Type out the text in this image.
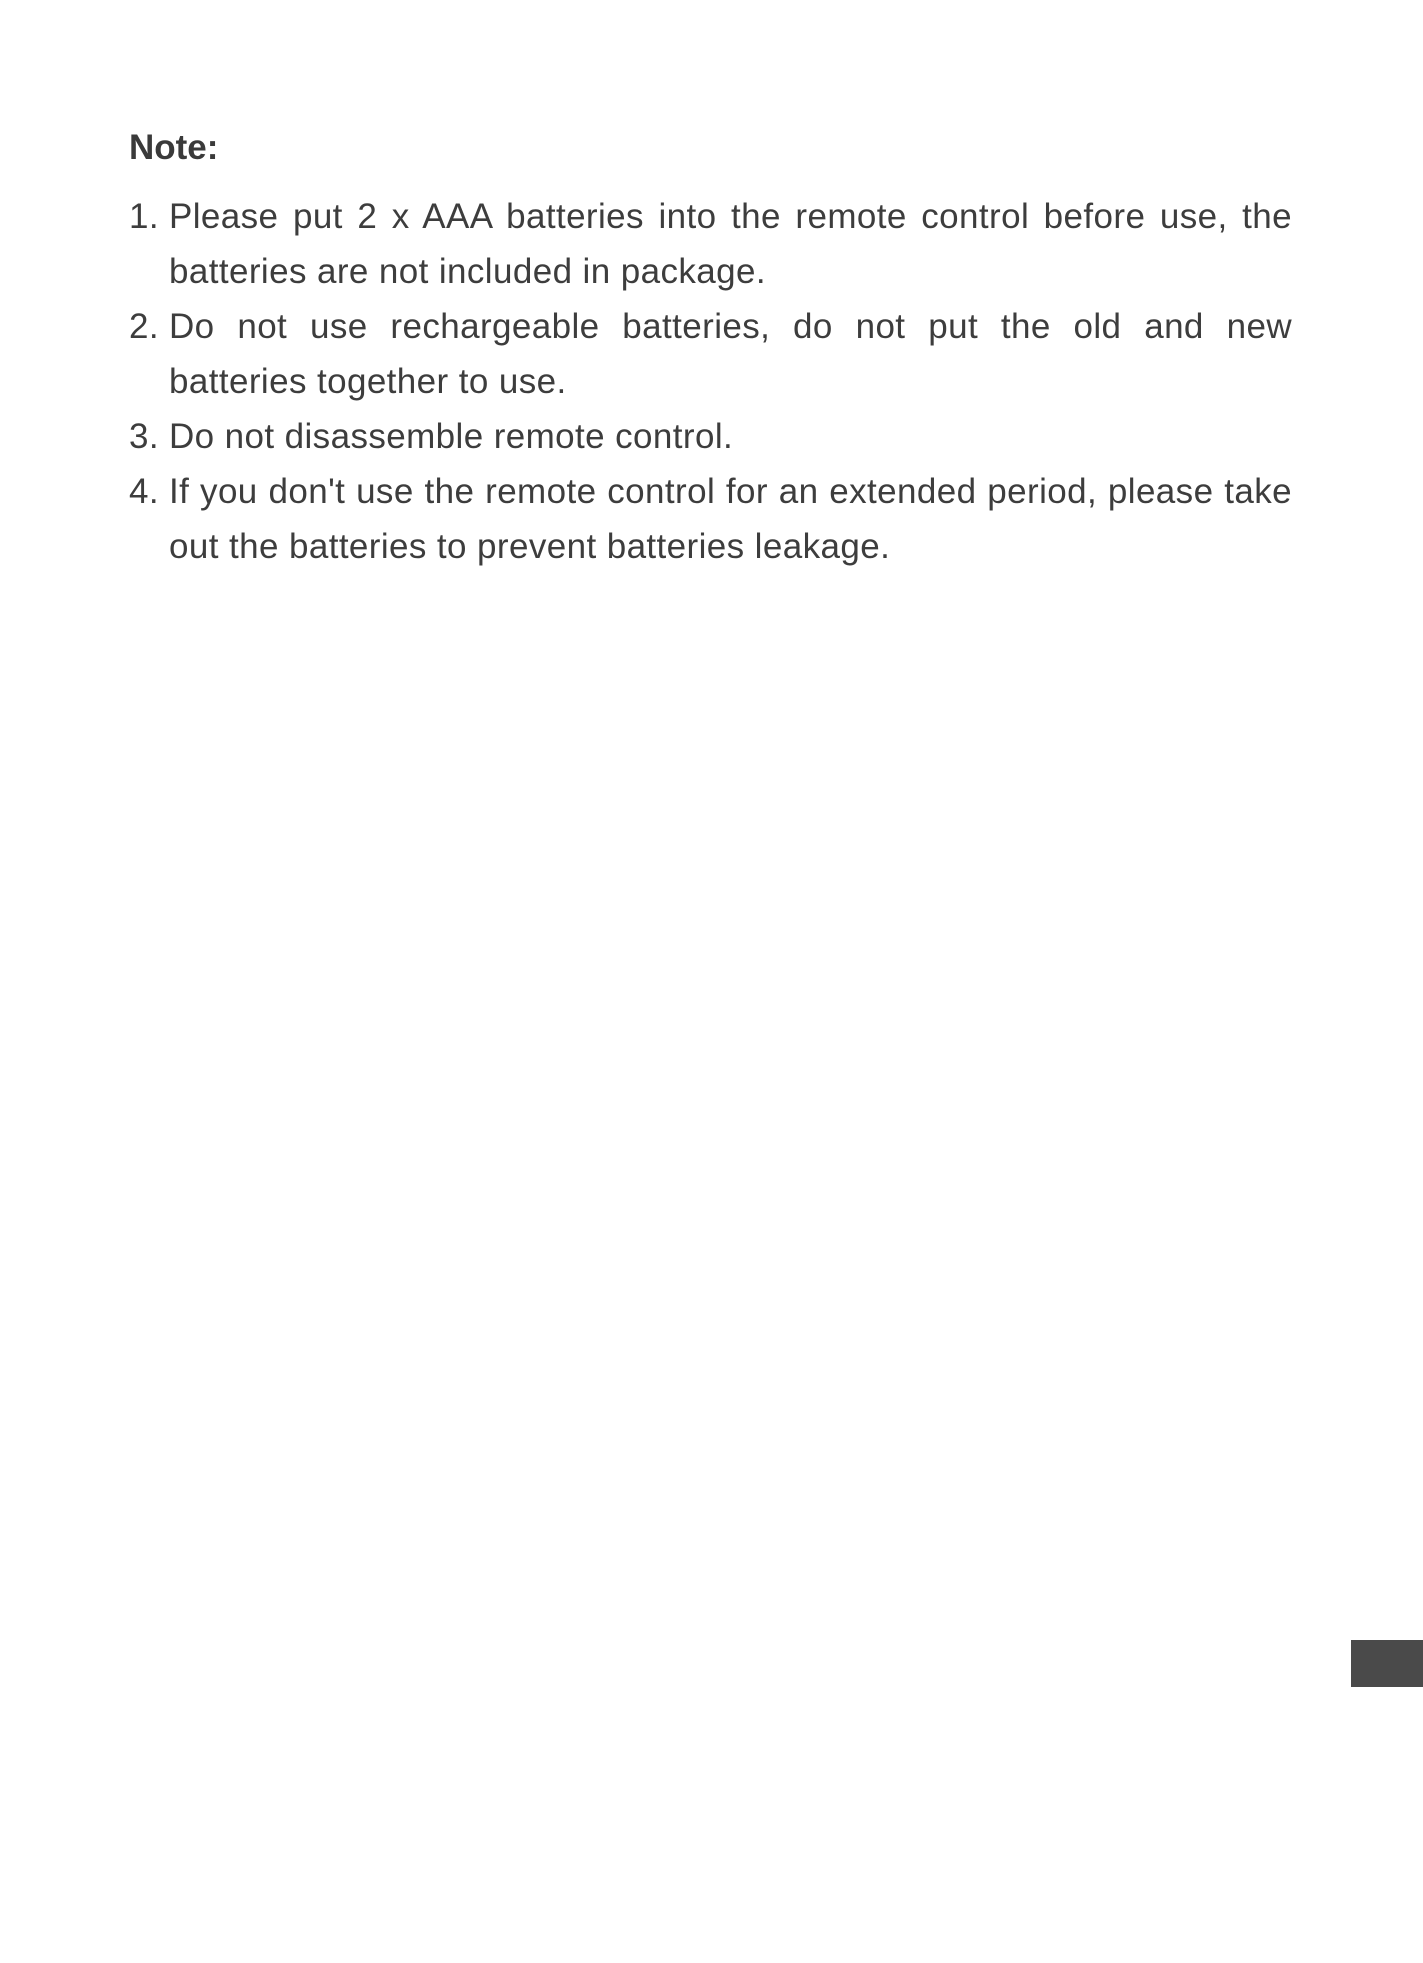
Note:
1. Please put 2 x AAA batteries into the remote control before use, the batteries are not included in package.
2. Do not use rechargeable batteries, do not put the old and new batteries together to use.
3. Do not disassemble remote control.
4. If you don't use the remote control for an extended period, please take out the batteries to prevent batteries leakage.
